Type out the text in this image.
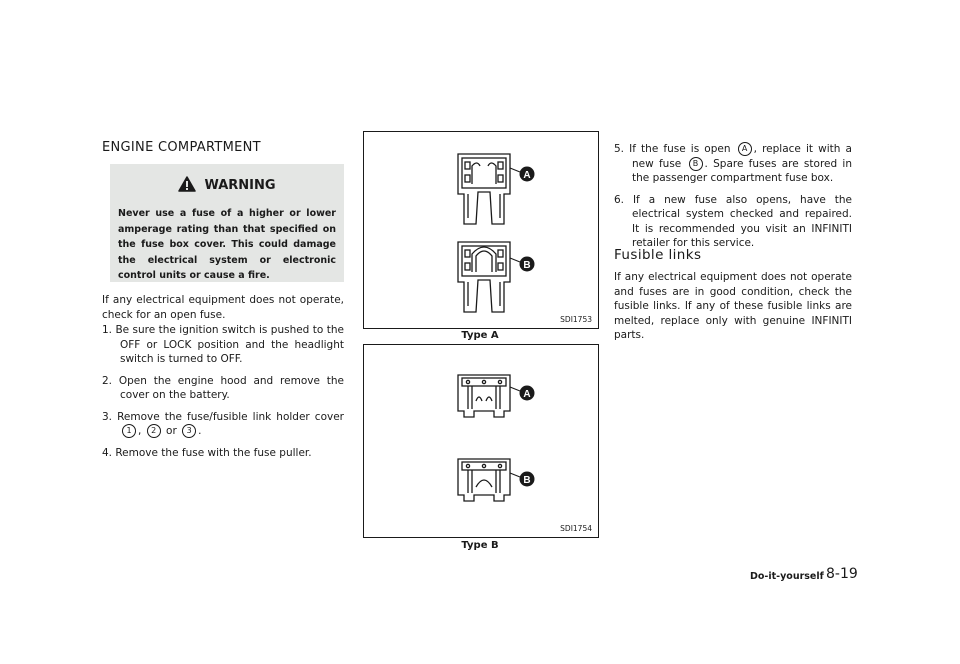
ENGINE COMPARTMENT
WARNING
Never use a fuse of a higher or lower amperage rating than that specified on the fuse box cover. This could damage the electrical system or electronic control units or cause a fire.
If any electrical equipment does not operate, check for an open fuse.
1. Be sure the ignition switch is pushed to the OFF or LOCK position and the headlight switch is turned to OFF.
2. Open the engine hood and remove the cover on the battery.
3. Remove the fuse/fusible link holder cover 1 , 2 or 3 .
4. Remove the fuse with the fuse puller.
A
B
SDI1753
Type A
A
B
SDI1754
Type B
5. If the fuse is open A , replace it with a new fuse B . Spare fuses are stored in the passenger compartment fuse box.
6. If a new fuse also opens, have the electrical system checked and repaired. It is recommended you visit an INFINITI retailer for this service.
Fusible links
If any electrical equipment does not operate and fuses are in good condition, check the fusible links. If any of these fusible links are melted, replace only with genuine INFINITI parts.
Do-it-yourself 8-19
